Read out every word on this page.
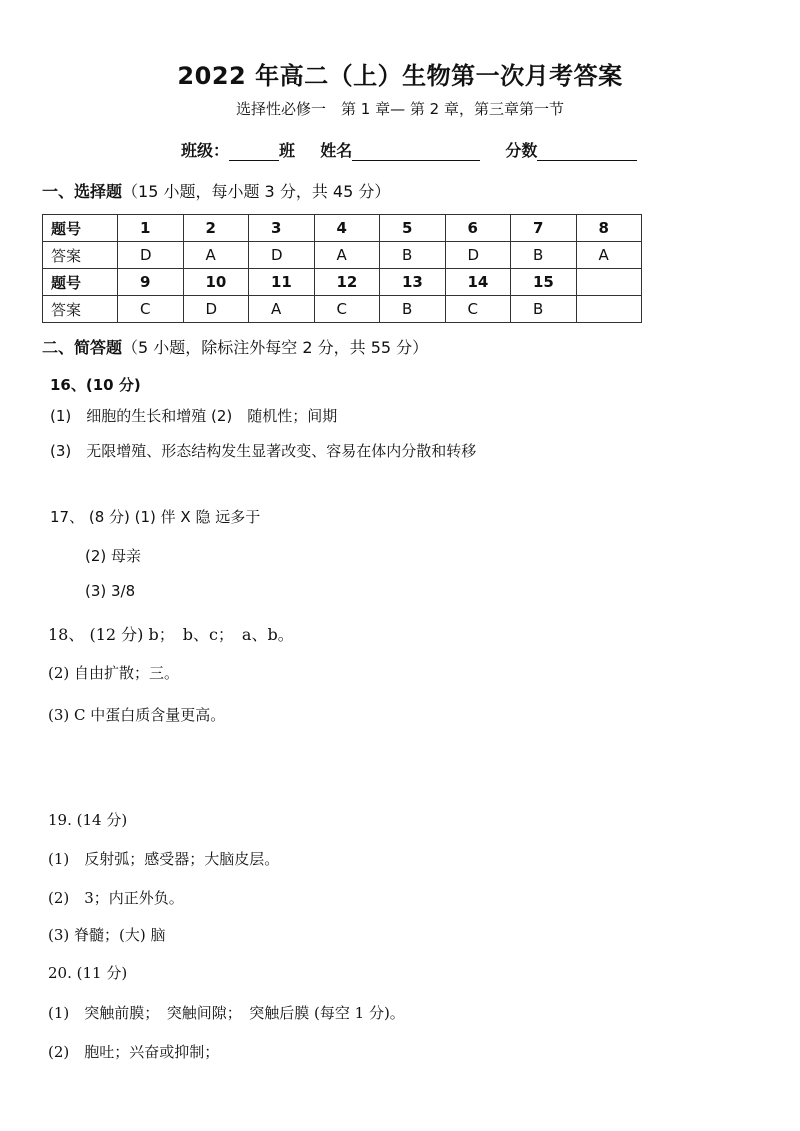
2022 年高二（上）生物第一次月考答案
选择性必修一　第 1 章— 第 2 章，第三章第一节
班级：	班 姓名	分数
一、选择题（15 小题，每小题 3 分，共 45 分）
题号	1	2	3	4	5	6	7	8
答案	D	A	D	A	B	D	B	A
题号	9	10	11	12	13	14	15	
答案	C	D	A	C	B	C	B	
二、简答题（5 小题，除标注外每空 2 分，共 55 分）
16、(10 分)
(1)　细胞的生长和增殖 (2)　随机性；间期
(3)　无限增殖、形态结构发生显著改变、容易在体内分散和转移
17、 (8 分) (1) 伴 X 隐 远多于
(2) 母亲
(3) 3/8
18、 (12 分) b；　b、c；　a、b。
(2) 自由扩散；三。
(3) C 中蛋白质含量更高。
19. (14 分)
(1)　反射弧；感受器；大脑皮层。
(2)　3；内正外负。
(3) 脊髓；(大) 脑
20. (11 分)
(1)　突触前膜；　突触间隙；　突触后膜 (每空 1 分)。
(2)　胞吐；兴奋或抑制；
